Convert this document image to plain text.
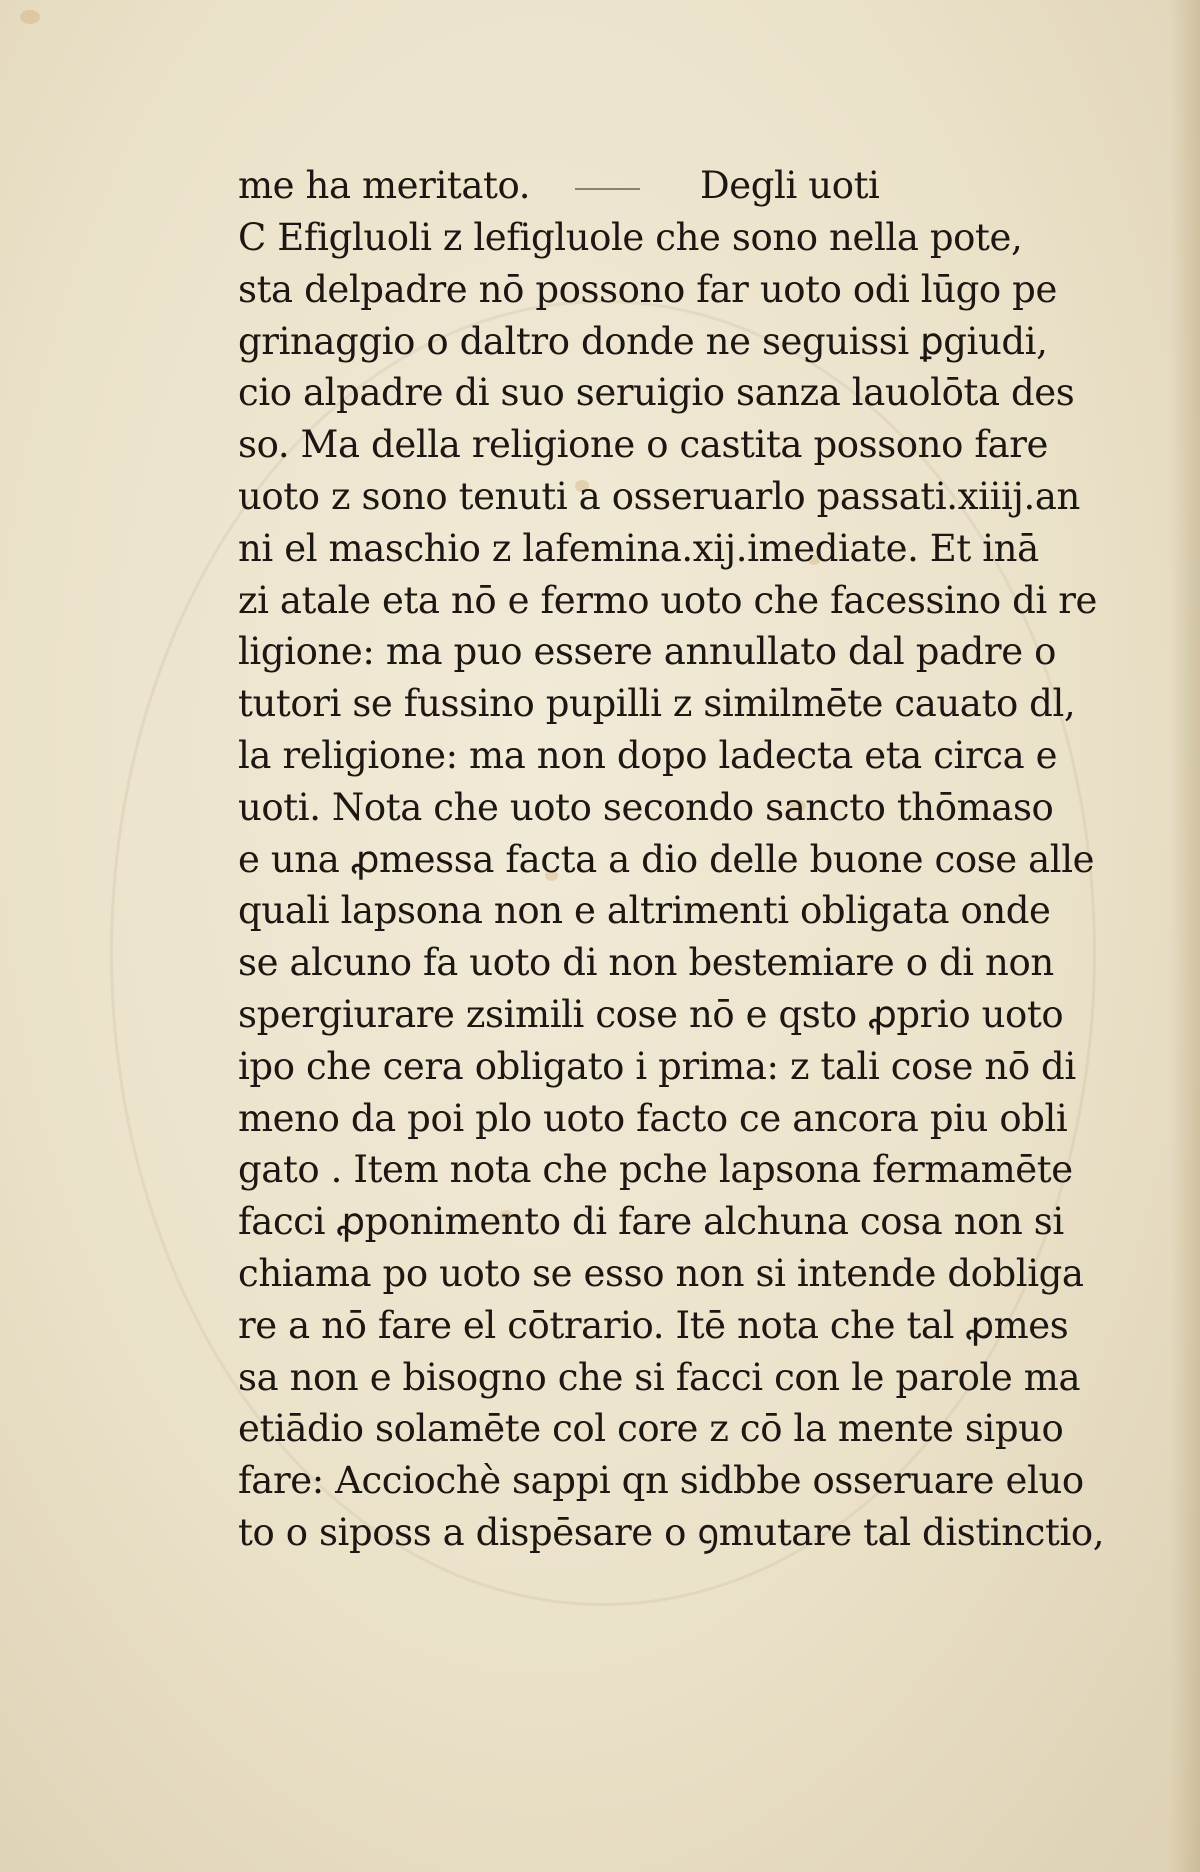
me ha meritato.	Degli uoti
C Efigluoli z lefigluole che sono nella pote,
sta delpadre nō possono far uoto odi lūgo pe
grinaggio o daltro donde ne seguissi ꝑgiudi,
cio alpadre di suo seruigio sanza lauolōta des
so. Ma della religione o castita possono fare
uoto z sono tenuti a osseruarlo passati.xiiij.an
ni el maschio z lafemina.xij.imediate. Et inā
zi atale eta nō e fermo uoto che facessino di re
ligione: ma puo essere annullato dal padre o
tutori se fussino pupilli z similmēte cauato dl,
la religione: ma non dopo ladecta eta circa e
uoti. Nota che uoto secondo sancto thōmaso
e una ꝓmessa facta a dio delle buone cose alle
quali lapsona non e altrimenti obligata onde
se alcuno fa uoto di non bestemiare o di non
spergiurare zsimili cose nō e qsto ꝓprio uoto
ipo che cera obligato i prima: z tali cose nō di
meno da poi plo uoto facto ce ancora piu obli
gato . Item nota che pche lapsona fermamēte
facci ꝓponimento di fare alchuna cosa non si
chiama po uoto se esso non si intende dobliga
re a nō fare el cōtrario. Itē nota che tal ꝓmes
sa non e bisogno che si facci con le parole ma
etiādio solamēte col core z cō la mente sipuo
fare: Acciochè sappi qn sidbbe osseruare eluo
to o siposs a dispēsare o ꝯmutare tal distinctio,
